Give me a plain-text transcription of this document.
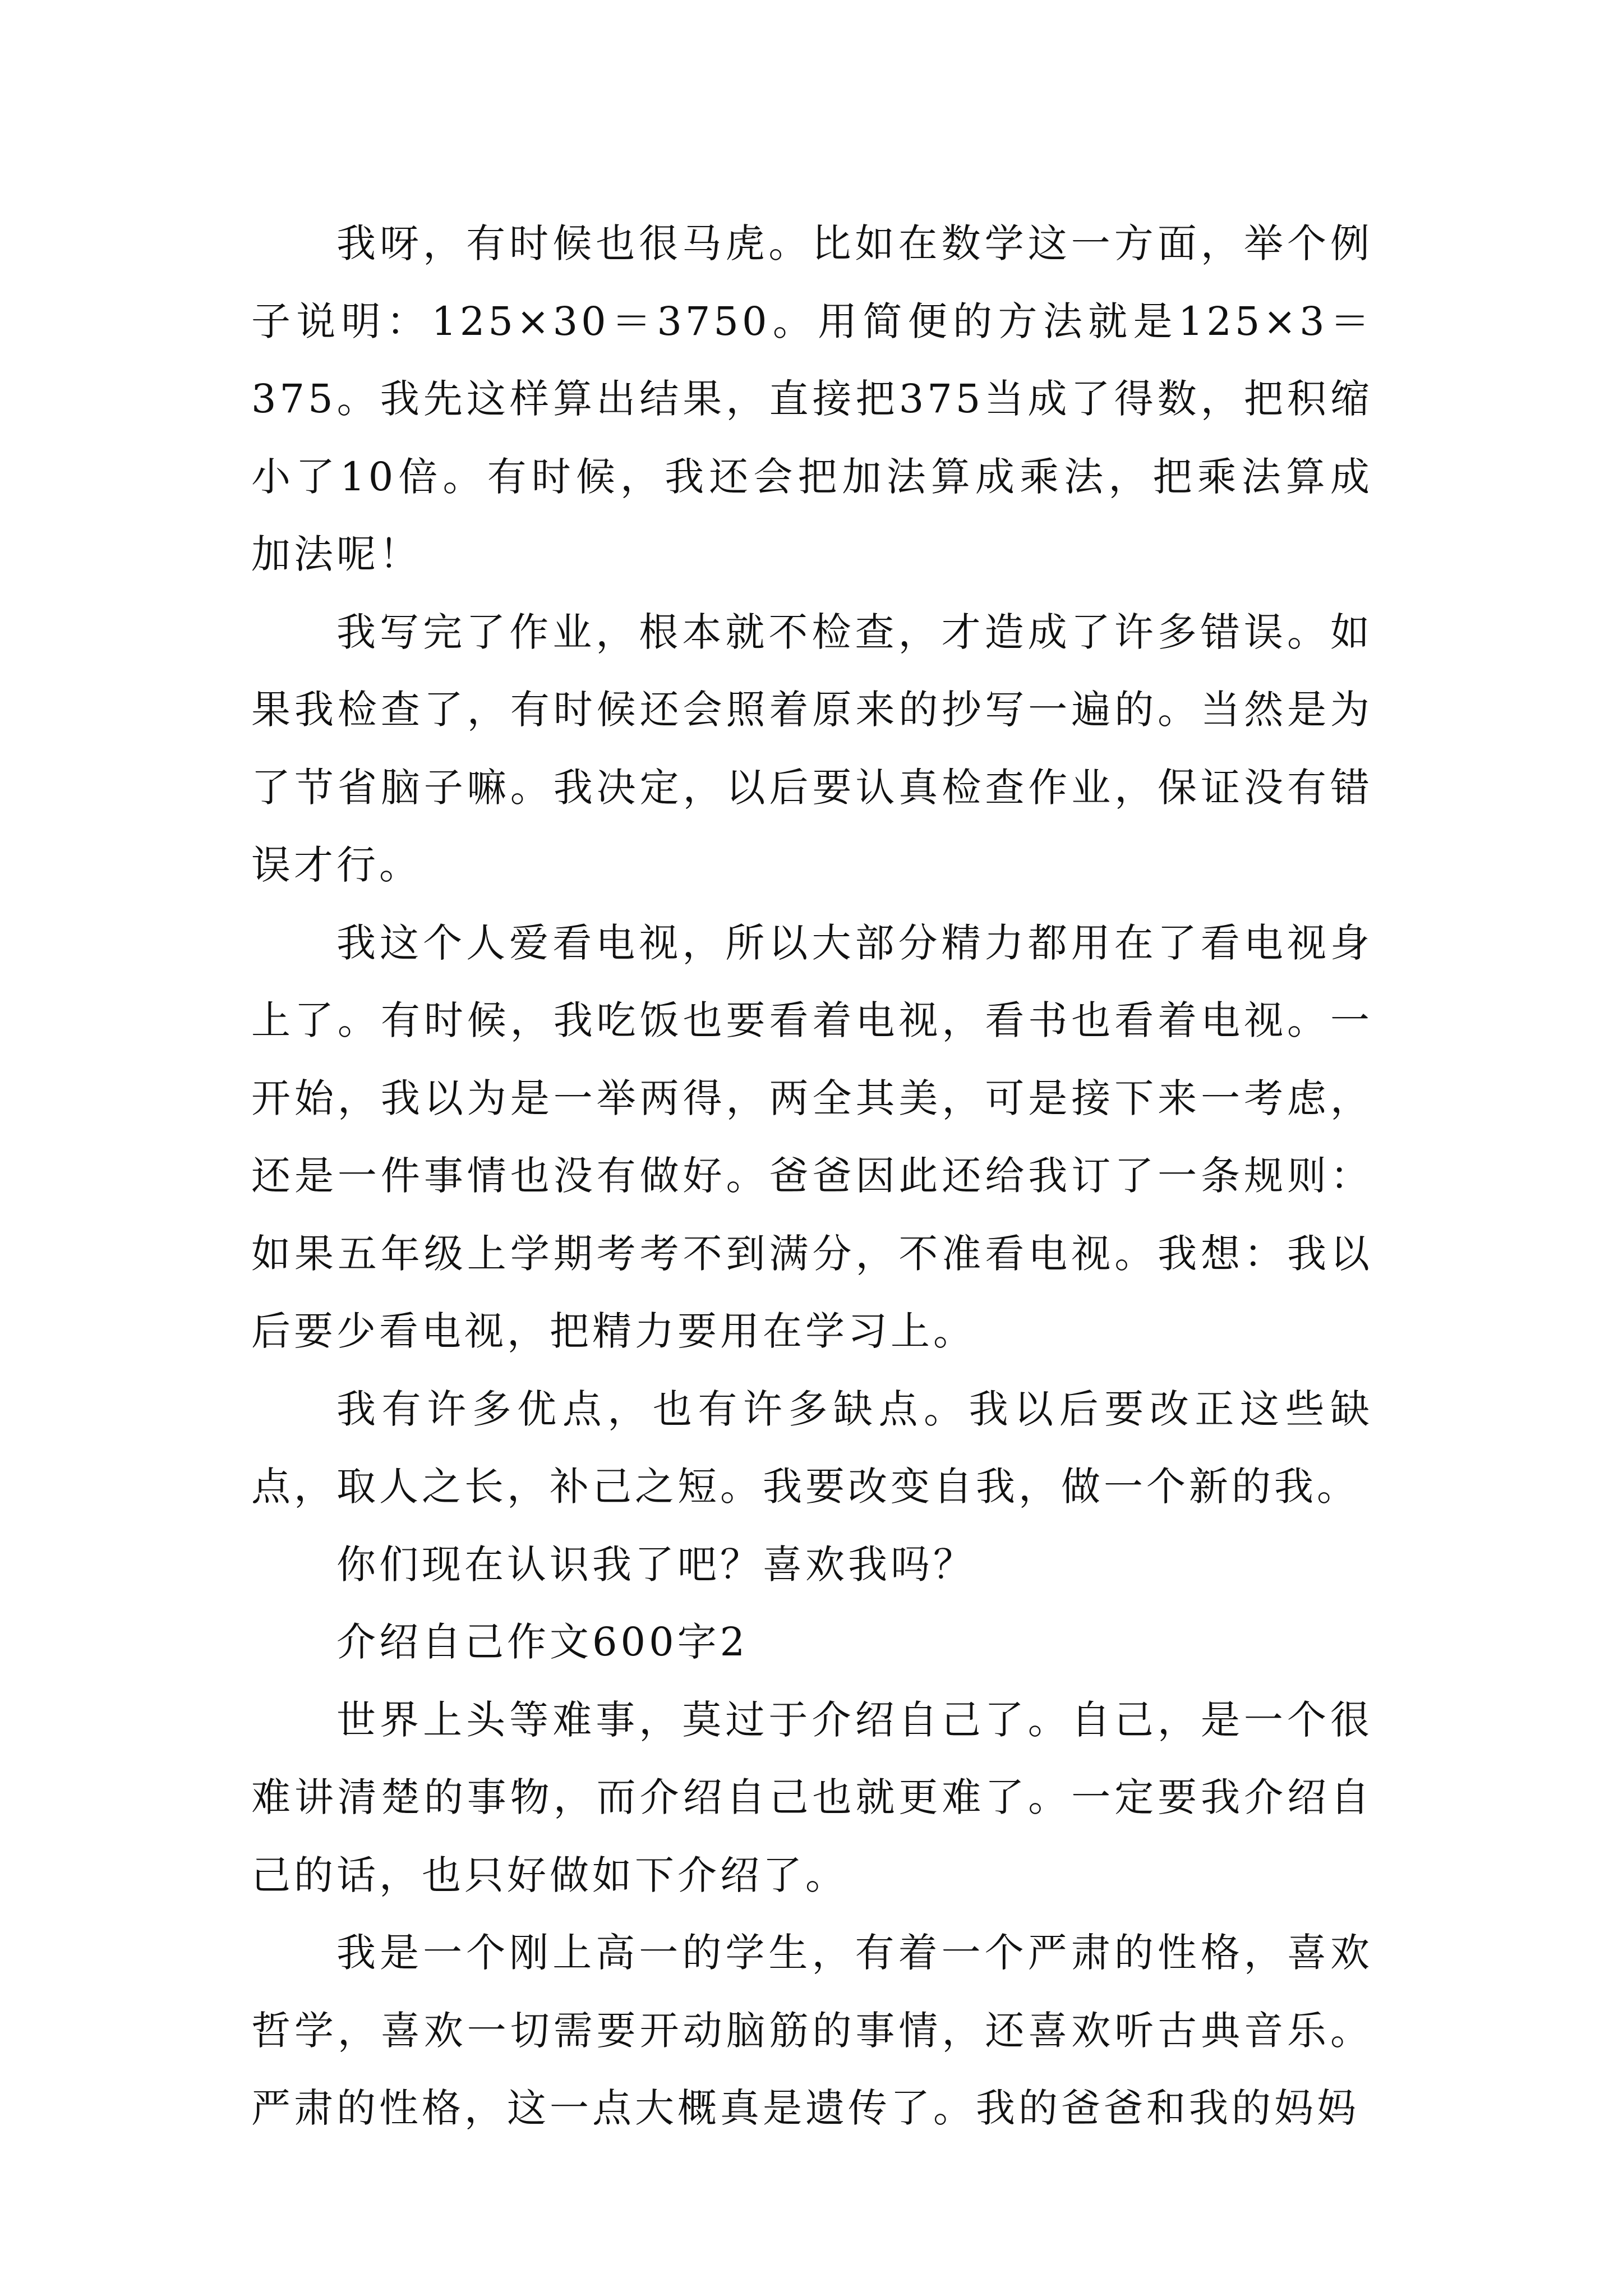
我呀，有时候也很马虎。比如在数学这一方面，举个例子说明：125×30＝3750。用简便的方法就是125×3＝375。我先这样算出结果，直接把375当成了得数，把积缩小了10倍。有时候，我还会把加法算成乘法，把乘法算成加法呢！

我写完了作业，根本就不检查，才造成了许多错误。如果我检查了，有时候还会照着原来的抄写一遍的。当然是为了节省脑子嘛。我决定，以后要认真检查作业，保证没有错误才行。

我这个人爱看电视，所以大部分精力都用在了看电视身上了。有时候，我吃饭也要看着电视，看书也看着电视。一开始，我以为是一举两得，两全其美，可是接下来一考虑，还是一件事情也没有做好。爸爸因此还给我订了一条规则：如果五年级上学期考考不到满分，不准看电视。我想：我以后要少看电视，把精力要用在学习上。

我有许多优点，也有许多缺点。我以后要改正这些缺点，取人之长，补己之短。我要改变自我，做一个新的我。

你们现在认识我了吧？喜欢我吗？

介绍自己作文600字2

世界上头等难事，莫过于介绍自己了。自己，是一个很难讲清楚的事物，而介绍自己也就更难了。一定要我介绍自己的话，也只好做如下介绍了。

我是一个刚上高一的学生，有着一个严肃的性格，喜欢哲学，喜欢一切需要开动脑筋的事情，还喜欢听古典音乐。严肃的性格，这一点大概真是遗传了。我的爸爸和我的妈妈
